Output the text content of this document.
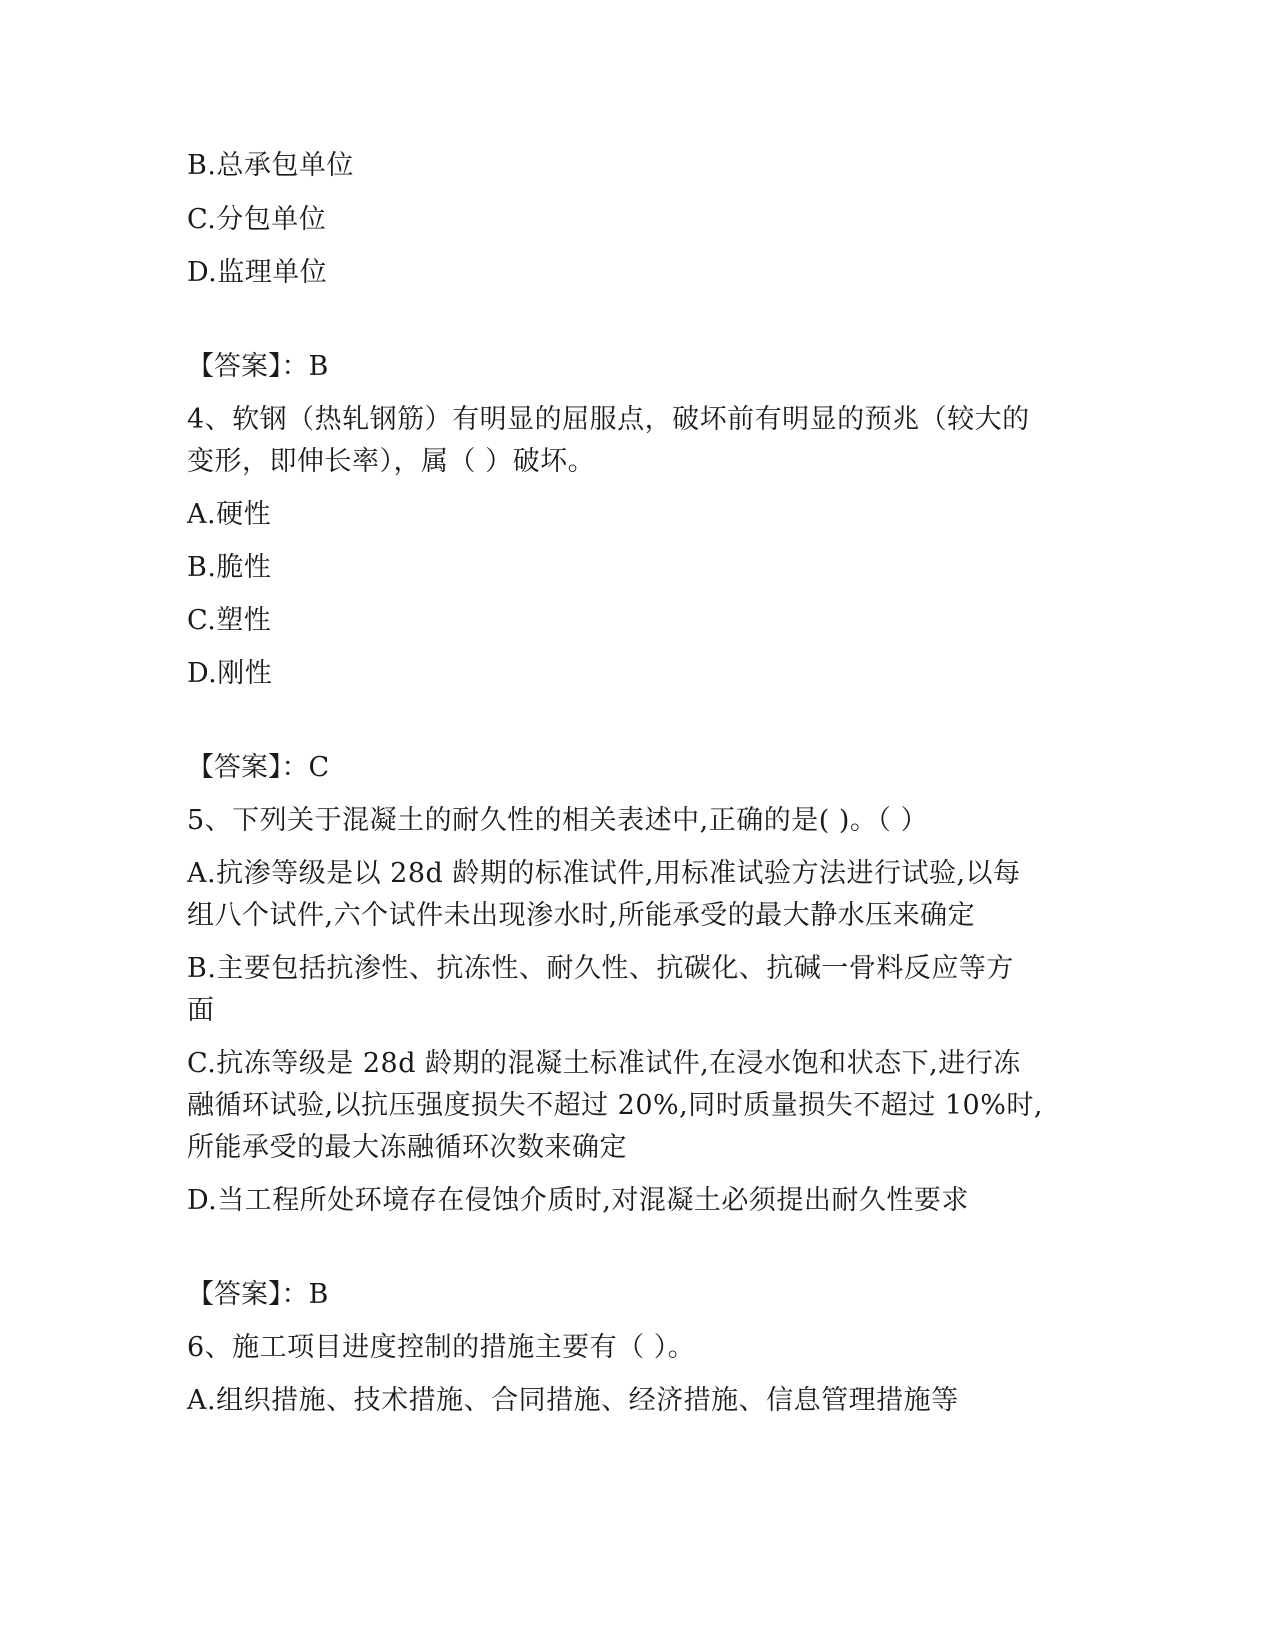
B.总承包单位
C.分包单位
D.监理单位
【答案】：B
4、软钢（热轧钢筋）有明显的屈服点，破坏前有明显的预兆（较大的
变形，即伸长率），属（ ）破坏。
A.硬性
B.脆性
C.塑性
D.刚性
【答案】：C
5、下列关于混凝土的耐久性的相关表述中,正确的是( )。（ ）
A.抗渗等级是以 28d 龄期的标准试件,用标准试验方法进行试验,以每
组八个试件,六个试件未出现渗水时,所能承受的最大静水压来确定
B.主要包括抗渗性、抗冻性、耐久性、抗碳化、抗碱一骨料反应等方
面
C.抗冻等级是 28d 龄期的混凝土标准试件,在浸水饱和状态下,进行冻
融循环试验,以抗压强度损失不超过 20%,同时质量损失不超过 10%时,
所能承受的最大冻融循环次数来确定
D.当工程所处环境存在侵蚀介质时,对混凝土必须提出耐久性要求
【答案】：B
6、施工项目进度控制的措施主要有（ ）。
A.组织措施、技术措施、合同措施、经济措施、信息管理措施等
